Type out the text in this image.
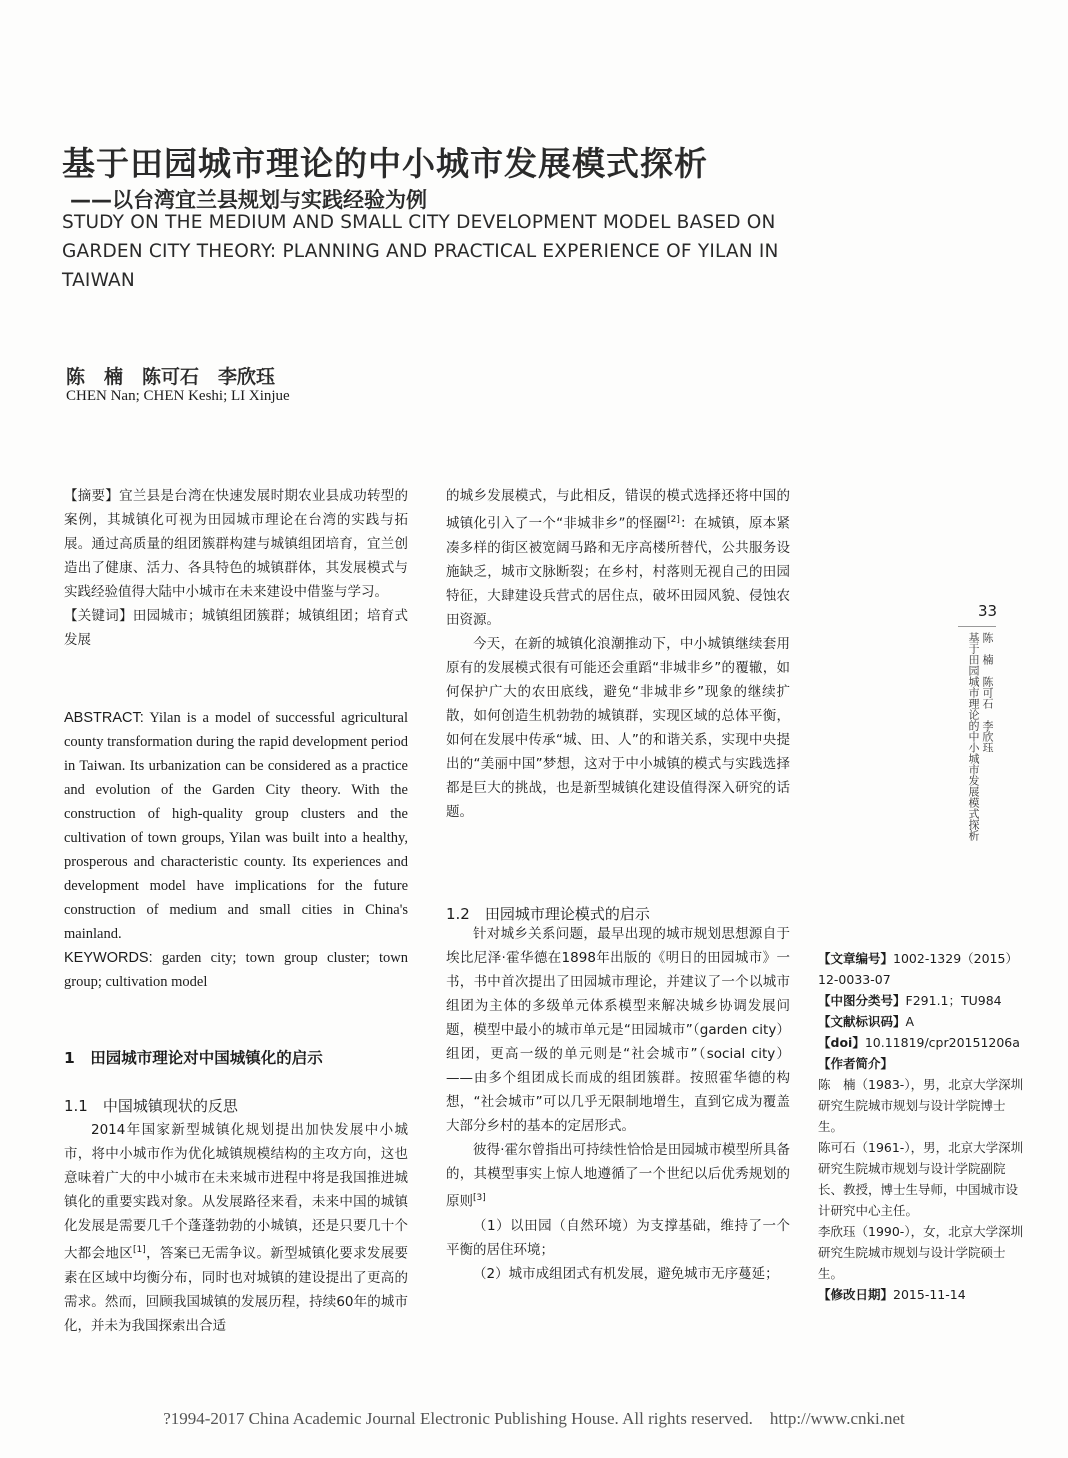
基于田园城市理论的中小城市发展模式探析
——以台湾宜兰县规划与实践经验为例
STUDY ON THE MEDIUM AND SMALL CITY DEVELOPMENT MODEL BASED ON GARDEN CITY THEORY: PLANNING AND PRACTICAL EXPERIENCE OF YILAN IN TAIWAN
陈　楠　陈可石　李欣珏
CHEN Nan; CHEN Keshi; LI Xinjue

【摘要】宜兰县是台湾在快速发展时期农业县成功转型的案例，其城镇化可视为田园城市理论在台湾的实践与拓展。通过高质量的组团簇群构建与城镇组团培育，宜兰创造出了健康、活力、各具特色的城镇群体，其发展模式与实践经验值得大陆中小城市在未来建设中借鉴与学习。

【关键词】田园城市；城镇组团簇群；城镇组团；培育式发展

ABSTRACT: Yilan is a model of successful agricultural county transformation during the rapid development period in Taiwan. Its urbanization can be considered as a practice and evolution of the Garden City theory. With the construction of high-quality group clusters and the cultivation of town groups, Yilan was built into a healthy, prosperous and characteristic county. Its experiences and development model have implications for the future construction of medium and small cities in China's mainland.

KEYWORDS: garden city; town group cluster; town group; cultivation model

1　田园城市理论对中国城镇化的启示
1.1　中国城镇现状的反思

2014年国家新型城镇化规划提出加快发展中小城市，将中小城市作为优化城镇规模结构的主攻方向，这也意味着广大的中小城市在未来城市进程中将是我国推进城镇化的重要实践对象。从发展路径来看，未来中国的城镇化发展是需要几千个蓬蓬勃勃的小城镇，还是只要几十个大都会地区[1]，答案已无需争议。新型城镇化要求发展要素在区域中均衡分布，同时也对城镇的建设提出了更高的需求。然而，回顾我国城镇的发展历程，持续60年的城市化，并未为我国探索出合适

的城乡发展模式，与此相反，错误的模式选择还将中国的城镇化引入了一个“非城非乡”的怪圈[2]：在城镇，原本紧凑多样的街区被宽阔马路和无序高楼所替代，公共服务设施缺乏，城市文脉断裂；在乡村，村落则无视自己的田园特征，大肆建设兵营式的居住点，破坏田园风貌、侵蚀农田资源。

今天，在新的城镇化浪潮推动下，中小城镇继续套用原有的发展模式很有可能还会重蹈“非城非乡”的覆辙，如何保护广大的农田底线，避免“非城非乡”现象的继续扩散，如何创造生机勃勃的城镇群，实现区域的总体平衡，如何在发展中传承“城、田、人”的和谐关系，实现中央提出的“美丽中国”梦想，这对于中小城镇的模式与实践选择都是巨大的挑战，也是新型城镇化建设值得深入研究的话题。

1.2　田园城市理论模式的启示

针对城乡关系问题，最早出现的城市规划思想源自于埃比尼泽·霍华德在1898年出版的《明日的田园城市》一书，书中首次提出了田园城市理论，并建议了一个以城市组团为主体的多级单元体系模型来解决城乡协调发展问题，模型中最小的城市单元是“田园城市”（garden city）组团，更高一级的单元则是“社会城市”（social city）——由多个组团成长而成的组团簇群。按照霍华德的构想，“社会城市”可以几乎无限制地增生，直到它成为覆盖大部分乡村的基本的定居形式。

彼得·霍尔曾指出可持续性恰恰是田园城市模型所具备的，其模型事实上惊人地遵循了一个世纪以后优秀规划的原则[3]

（1）以田园（自然环境）为支撑基础，维持了一个平衡的居住环境；

（2）城市成组团式有机发展，避免城市无序蔓延；

33
陈　楠　陈可石　李欣珏
基于田园城市理论的中小城市发展模式探析

【文章编号】1002-1329（2015）12-0033-07

【中图分类号】F291.1；TU984

【文献标识码】A

【doi】10.11819/cpr20151206a

【作者简介】

陈　楠（1983-），男，北京大学深圳研究生院城市规划与设计学院博士生。

陈可石（1961-），男，北京大学深圳研究生院城市规划与设计学院副院长、教授，博士生导师，中国城市设计研究中心主任。

李欣珏（1990-），女，北京大学深圳研究生院城市规划与设计学院硕士生。

【修改日期】2015-11-14

?1994-2017 China Academic Journal Electronic Publishing House. All rights reserved.　http://www.cnki.net
